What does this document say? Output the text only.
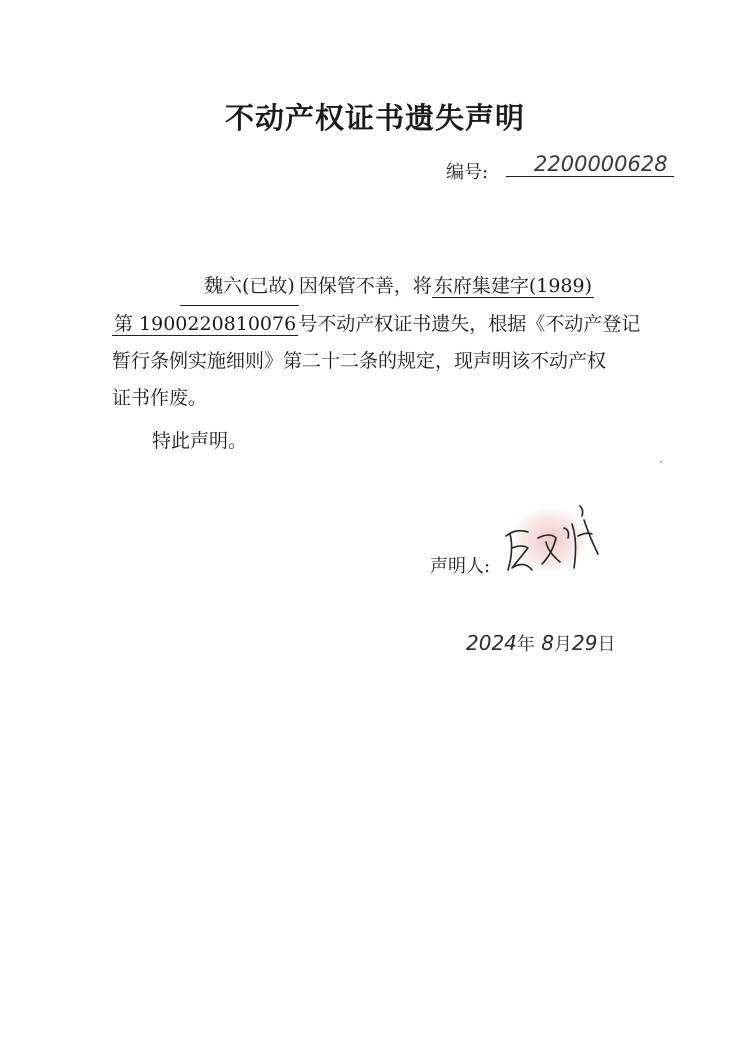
不动产权证书遗失声明
编号:	2200000628
魏六(已故) 因保管不善，将 东府集建字(1989)
第 1900220810076 号不动产权证书遗失，根据《不动产登记
暂行条例实施细则》第二十二条的规定，现声明该不动产权
证书作废。
特此声明。
声明人:
2024年 8月29日
